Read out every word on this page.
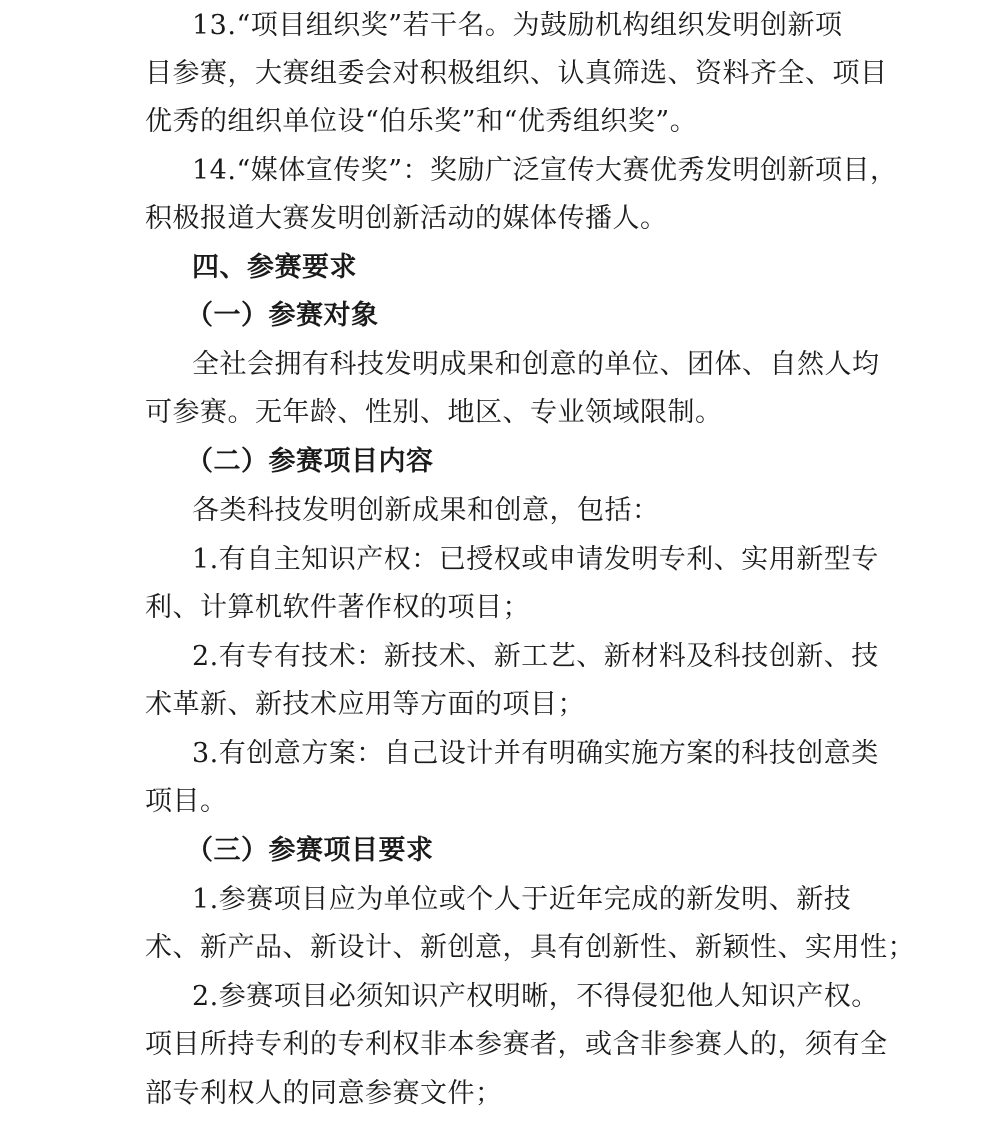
13.“项目组织奖”若干名。为鼓励机构组织发明创新项
目参赛，大赛组委会对积极组织、认真筛选、资料齐全、项目
优秀的组织单位设“伯乐奖”和“优秀组织奖”。
14.“媒体宣传奖”：奖励广泛宣传大赛优秀发明创新项目，
积极报道大赛发明创新活动的媒体传播人。
四、参赛要求
（一）参赛对象
全社会拥有科技发明成果和创意的单位、团体、自然人均
可参赛。无年龄、性别、地区、专业领域限制。
（二）参赛项目内容
各类科技发明创新成果和创意，包括：
1.有自主知识产权：已授权或申请发明专利、实用新型专
利、计算机软件著作权的项目；
2.有专有技术：新技术、新工艺、新材料及科技创新、技
术革新、新技术应用等方面的项目；
3.有创意方案：自己设计并有明确实施方案的科技创意类
项目。
（三）参赛项目要求
1.参赛项目应为单位或个人于近年完成的新发明、新技
术、新产品、新设计、新创意，具有创新性、新颖性、实用性；
2.参赛项目必须知识产权明晰，不得侵犯他人知识产权。
项目所持专利的专利权非本参赛者，或含非参赛人的，须有全
部专利权人的同意参赛文件；
